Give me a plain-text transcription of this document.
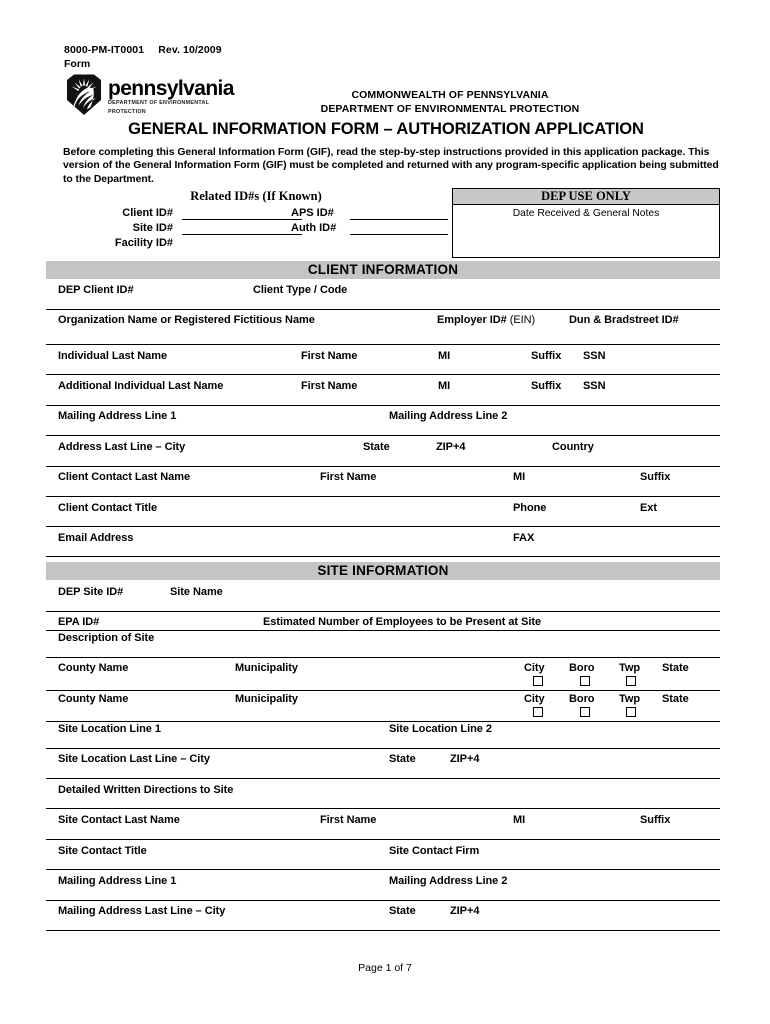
8000-PM-IT0001 Rev. 10/2009
Form
pennsylvania
DEPARTMENT OF ENVIRONMENTAL PROTECTION
COMMONWEALTH OF PENNSYLVANIA
DEPARTMENT OF ENVIRONMENTAL PROTECTION
GENERAL INFORMATION FORM – AUTHORIZATION APPLICATION
Before completing this General Information Form (GIF), read the step-by-step instructions provided in this application package. This version of the General Information Form (GIF) must be completed and returned with any program-specific application being submitted to the Department.
Related ID#s (If Known)
Client ID#
Site ID#
Facility ID#
APS ID#
Auth ID#
DEP USE ONLY
Date Received & General Notes
CLIENT INFORMATION
DEP Client ID#	Client Type / Code
Organization Name or Registered Fictitious Name	Employer ID# (EIN)	Dun & Bradstreet ID#
Individual Last Name	First Name	MI	Suffix SSN
Additional Individual Last Name	First Name	MI	Suffix SSN
Mailing Address Line 1	Mailing Address Line 2
Address Last Line – City	State	ZIP+4	Country
Client Contact Last Name	First Name	MI	Suffix
Client Contact Title	Phone	Ext
Email Address	FAX
SITE INFORMATION
DEP Site ID#	Site Name
EPA ID#	Estimated Number of Employees to be Present at Site
Description of Site
County Name	Municipality	City Boro Twp State
County Name	Municipality	City Boro Twp State
Site Location Line 1	Site Location Line 2
Site Location Last Line – City	State	ZIP+4
Detailed Written Directions to Site
Site Contact Last Name	First Name	MI	Suffix
Site Contact Title	Site Contact Firm
Mailing Address Line 1	Mailing Address Line 2
Mailing Address Last Line – City	State	ZIP+4
Page 1 of 7
